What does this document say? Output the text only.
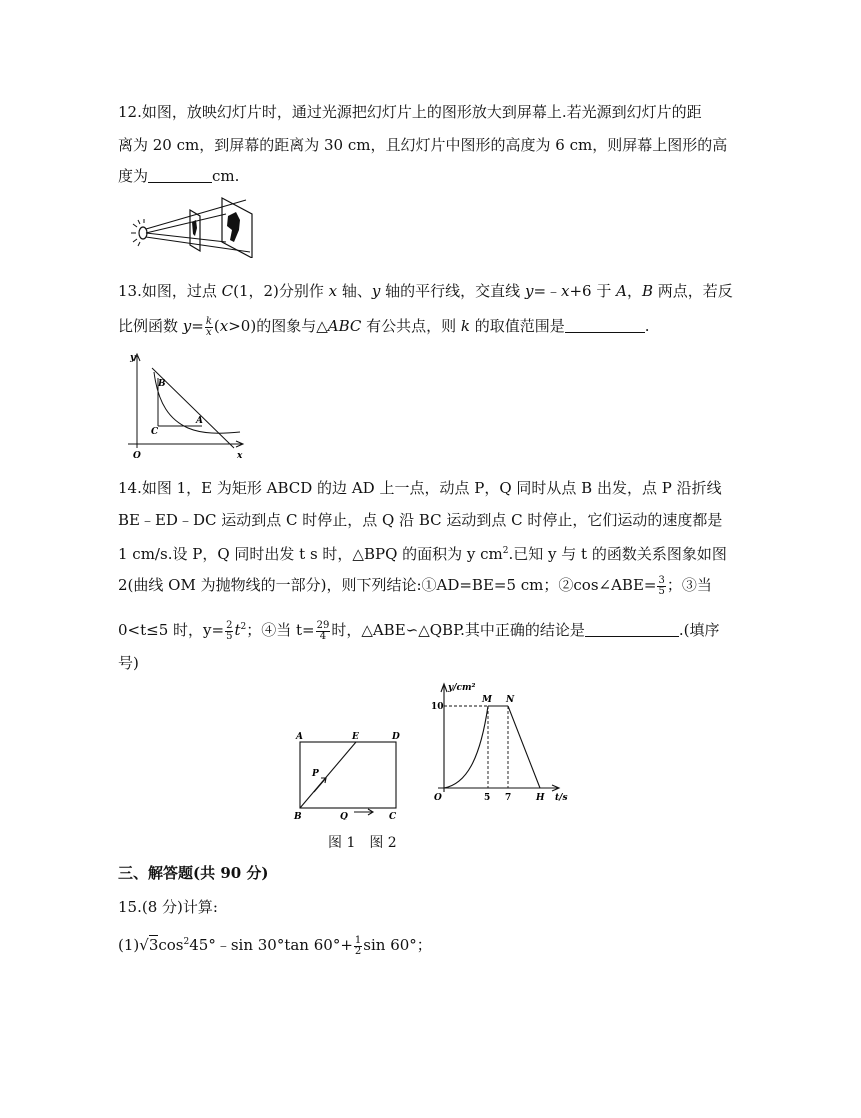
12.如图，放映幻灯片时，通过光源把幻灯片上的图形放大到屏幕上.若光源到幻灯片的距
离为 20 cm，到屏幕的距离为 30 cm，且幻灯片中图形的高度为 6 cm，则屏幕上图形的高
度为	cm.
13.如图，过点 C(1，2)分别作 x 轴、y 轴的平行线，交直线 y=﹣x+6 于 A，B 两点，若反
比例函数 $y= \frac{k}{x} (x>0)$的图象与△ABC 有公共点，则 k 的取值范围是	.
y
B
A
C
O	x
14.如图 1，E 为矩形 ABCD 的边 AD 上一点，动点 P，Q 同时从点 B 出发，点 P 沿折线
BE﹣ED﹣DC 运动到点 C 时停止，点 Q 沿 BC 运动到点 C 时停止，它们运动的速度都是
1 cm/s.设 P，Q 同时出发 t s 时，△BPQ 的面积为 y $cm^2$.已知 y 与 t 的函数关系图象如图
2(曲线 OM 为抛物线的一部分)，则下列结论:①AD=BE=5 cm；②cos∠ABE= $\frac{3}{5}$ ；③当
0<t≤5 时，$y= \frac{2}{5} t^2$；④当 $t= \frac{29}{4}$ 时，△ABE∽△QBP.其中正确的结论是	.(填序
号)
A	E	D
P
B	Q	C
y/cm²
M N
10
O	5 7	H t/s
图 1　图 2
三、解答题(共 90 分)
15.(8 分)计算:
$(1)√3\cos^245^\circ﹣\sin$ 30°tan $60^\circ+ \frac{1}{2}$ sin 60°；
